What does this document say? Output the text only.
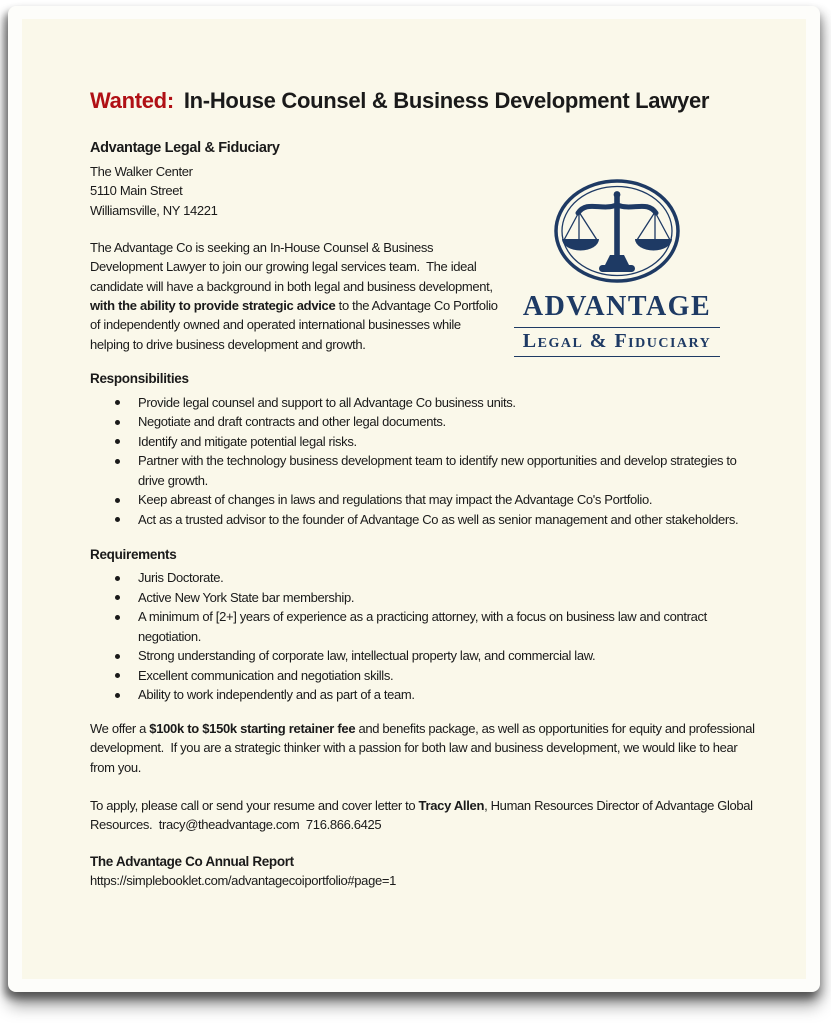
Wanted: In-House Counsel & Business Development Lawyer

Advantage Legal & Fiduciary

The Walker Center
5110 Main Street
Williamsville, NY 14221

The Advantage Co is seeking an In-House Counsel & Business Development Lawyer to join our growing legal services team.  The ideal candidate will have a background in both legal and business development, with the ability to provide strategic advice to the Advantage Co Portfolio of independently owned and operated international businesses while helping to drive business development and growth.

Responsibilities
Provide legal counsel and support to all Advantage Co business units.
Negotiate and draft contracts and other legal documents.
Identify and mitigate potential legal risks.
Partner with the technology business development team to identify new opportunities and develop strategies to drive growth.
Keep abreast of changes in laws and regulations that may impact the Advantage Co's Portfolio.
Act as a trusted advisor to the founder of Advantage Co as well as senior management and other stakeholders.
Requirements
Juris Doctorate.
Active New York State bar membership.
A minimum of [2+] years of experience as a practicing attorney, with a focus on business law and contract negotiation.
Strong understanding of corporate law, intellectual property law, and commercial law.
Excellent communication and negotiation skills.
Ability to work independently and as part of a team.

We offer a $100k to $150k starting retainer fee and benefits package, as well as opportunities for equity and professional development.  If you are a strategic thinker with a passion for both law and business development, we would like to hear from you.

To apply, please call or send your resume and cover letter to Tracy Allen, Human Resources Director of Advantage Global Resources.  tracy@theadvantage.com  716.866.6425

The Advantage Co Annual Report

https://simplebooklet.com/advantagecoiportfolio#page=1

ADVANTAGE
Legal & Fiduciary
